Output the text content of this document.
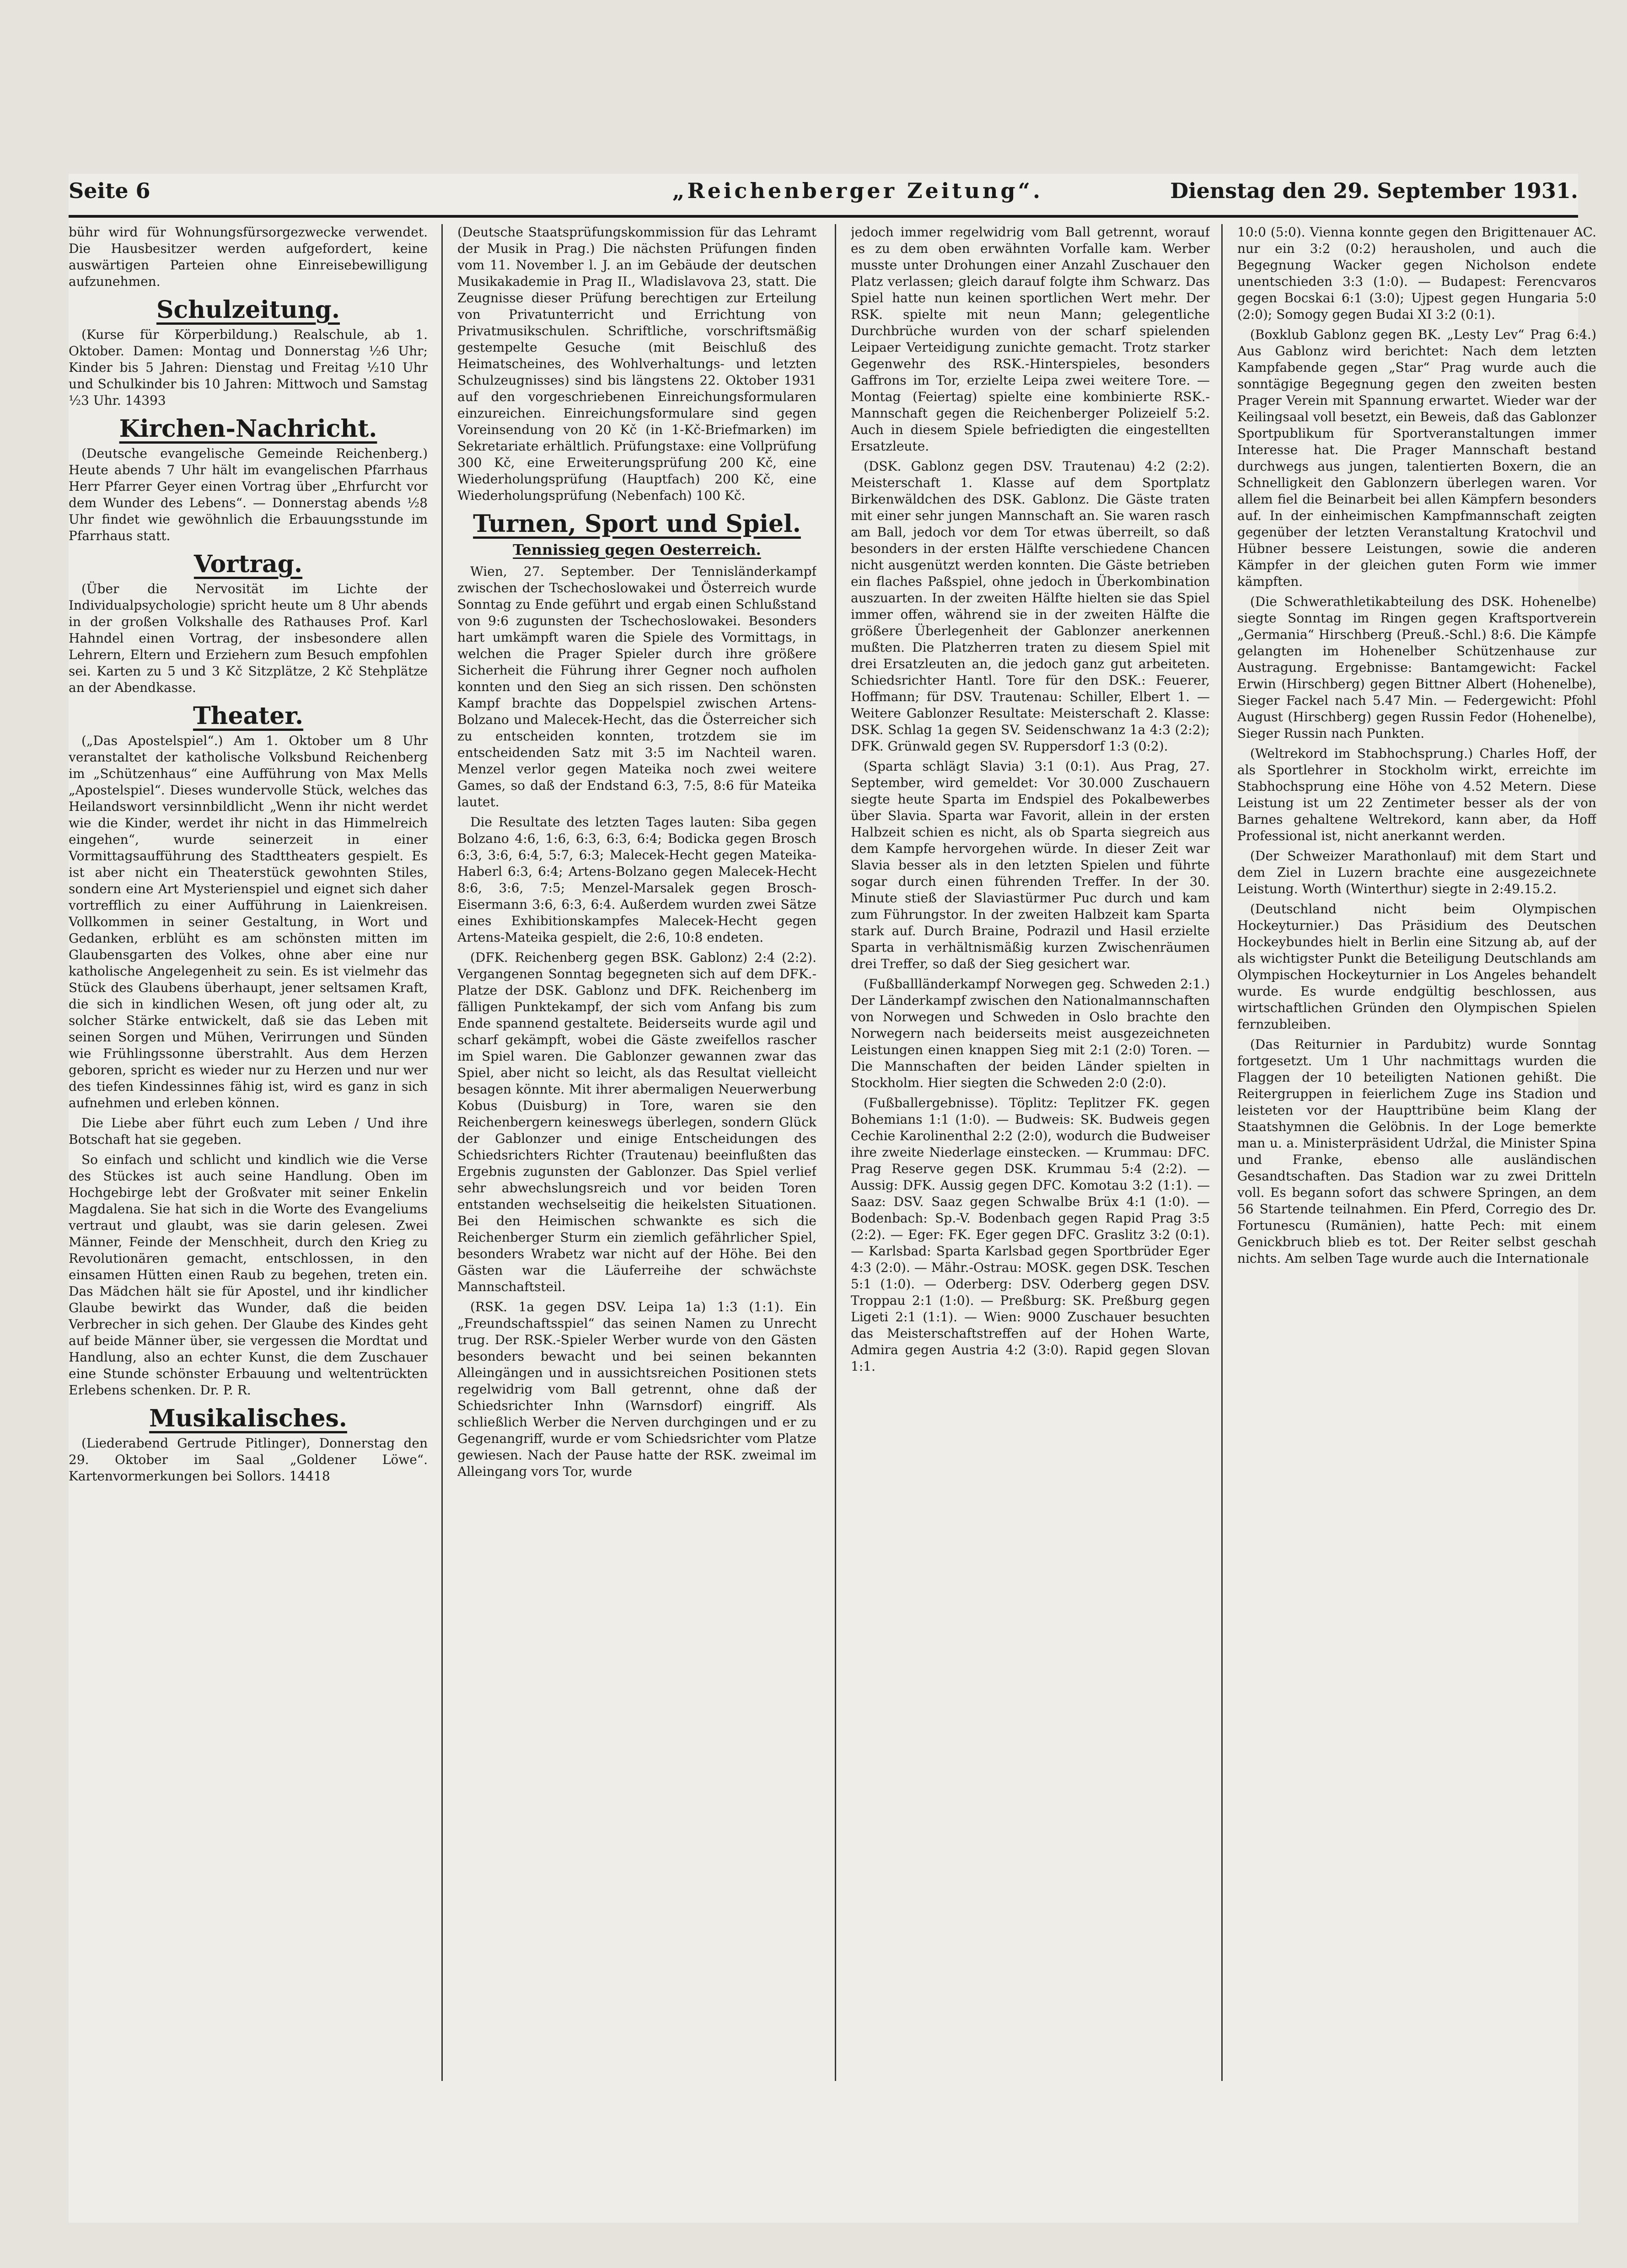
Seite 6	„Reichenberger Zeitung“.	Dienstag den 29. September 1931.

bühr wird für Wohnungsfürsorgezwecke verwendet. Die Hausbesitzer werden aufgefordert, keine auswärtigen Parteien ohne Einreisebewilligung aufzunehmen.

Schulzeitung.

(Kurse für Körperbildung.) Realschule, ab 1. Oktober. Damen: Montag und Donnerstag ½6 Uhr; Kinder bis 5 Jahren: Dienstag und Freitag ½10 Uhr und Schulkinder bis 10 Jahren: Mittwoch und Samstag ½3 Uhr. 14393

Kirchen-Nachricht.

(Deutsche evangelische Gemeinde Reichenberg.) Heute abends 7 Uhr hält im evangelischen Pfarrhaus Herr Pfarrer Geyer einen Vortrag über „Ehrfurcht vor dem Wunder des Lebens“. — Donnerstag abends ½8 Uhr findet wie gewöhnlich die Erbauungsstunde im Pfarrhaus statt.

Vortrag.

(Über die Nervosität im Lichte der Individualpsychologie) spricht heute um 8 Uhr abends in der großen Volkshalle des Rathauses Prof. Karl Hahndel einen Vortrag, der insbesondere allen Lehrern, Eltern und Erziehern zum Besuch empfohlen sei. Karten zu 5 und 3 Kč Sitzplätze, 2 Kč Stehplätze an der Abendkasse.

Theater.

(„Das Apostelspiel“.) Am 1. Oktober um 8 Uhr veranstaltet der katholische Volksbund Reichenberg im „Schützenhaus“ eine Aufführung von Max Mells „Apostelspiel“. Dieses wundervolle Stück, welches das Heilandswort versinnbildlicht „Wenn ihr nicht werdet wie die Kinder, werdet ihr nicht in das Himmelreich eingehen“, wurde seinerzeit in einer Vormittagsaufführung des Stadttheaters gespielt. Es ist aber nicht ein Theaterstück gewohnten Stiles, sondern eine Art Mysterienspiel und eignet sich daher vortrefflich zu einer Aufführung in Laienkreisen. Vollkommen in seiner Gestaltung, in Wort und Gedanken, erblüht es am schönsten mitten im Glaubensgarten des Volkes, ohne aber eine nur katholische Angelegenheit zu sein. Es ist vielmehr das Stück des Glaubens überhaupt, jener seltsamen Kraft, die sich in kindlichen Wesen, oft jung oder alt, zu solcher Stärke entwickelt, daß sie das Leben mit seinen Sorgen und Mühen, Verirrungen und Sünden wie Frühlingssonne überstrahlt. Aus dem Herzen geboren, spricht es wieder nur zu Herzen und nur wer des tiefen Kindessinnes fähig ist, wird es ganz in sich aufnehmen und erleben können.

Die Liebe aber führt euch zum Leben / Und ihre Botschaft hat sie gegeben.

So einfach und schlicht und kindlich wie die Verse des Stückes ist auch seine Handlung. Oben im Hochgebirge lebt der Großvater mit seiner Enkelin Magdalena. Sie hat sich in die Worte des Evangeliums vertraut und glaubt, was sie darin gelesen. Zwei Männer, Feinde der Menschheit, durch den Krieg zu Revolutionären gemacht, entschlossen, in den einsamen Hütten einen Raub zu begehen, treten ein. Das Mädchen hält sie für Apostel, und ihr kindlicher Glaube bewirkt das Wunder, daß die beiden Verbrecher in sich gehen. Der Glaube des Kindes geht auf beide Männer über, sie vergessen die Mordtat und Handlung, also an echter Kunst, die dem Zuschauer eine Stunde schönster Erbauung und weltentrückten Erlebens schenken. Dr. P. R.

Musikalisches.

(Liederabend Gertrude Pitlinger), Donnerstag den 29. Oktober im Saal „Goldener Löwe“. Kartenvormerkungen bei Sollors. 14418

(Deutsche Staatsprüfungskommission für das Lehramt der Musik in Prag.) Die nächsten Prüfungen finden vom 11. November l. J. an im Gebäude der deutschen Musikakademie in Prag II., Wladislavova 23, statt. Die Zeugnisse dieser Prüfung berechtigen zur Erteilung von Privatunterricht und Errichtung von Privatmusikschulen. Schriftliche, vorschriftsmäßig gestempelte Gesuche (mit Beischluß des Heimatscheines, des Wohlverhaltungs- und letzten Schulzeugnisses) sind bis längstens 22. Oktober 1931 auf den vorgeschriebenen Einreichungsformularen einzureichen. Einreichungsformulare sind gegen Voreinsendung von 20 Kč (in 1-Kč-Briefmarken) im Sekretariate erhältlich. Prüfungstaxe: eine Vollprüfung 300 Kč, eine Erweiterungsprüfung 200 Kč, eine Wiederholungsprüfung (Hauptfach) 200 Kč, eine Wiederholungsprüfung (Nebenfach) 100 Kč.

Turnen, Sport und Spiel.
Tennissieg gegen Oesterreich.

Wien, 27. September. Der Tennisländerkampf zwischen der Tschechoslowakei und Österreich wurde Sonntag zu Ende geführt und ergab einen Schlußstand von 9:6 zugunsten der Tschechoslowakei. Besonders hart umkämpft waren die Spiele des Vormittags, in welchen die Prager Spieler durch ihre größere Sicherheit die Führung ihrer Gegner noch aufholen konnten und den Sieg an sich rissen. Den schönsten Kampf brachte das Doppelspiel zwischen Artens-Bolzano und Malecek-Hecht, das die Österreicher sich zu entscheiden konnten, trotzdem sie im entscheidenden Satz mit 3:5 im Nachteil waren. Menzel verlor gegen Mateika noch zwei weitere Games, so daß der Endstand 6:3, 7:5, 8:6 für Mateika lautet.

Die Resultate des letzten Tages lauten: Siba gegen Bolzano 4:6, 1:6, 6:3, 6:3, 6:4; Bodicka gegen Brosch 6:3, 3:6, 6:4, 5:7, 6:3; Malecek-Hecht gegen Mateika-Haberl 6:3, 6:4; Artens-Bolzano gegen Malecek-Hecht 8:6, 3:6, 7:5; Menzel-Marsalek gegen Brosch-Eisermann 3:6, 6:3, 6:4. Außerdem wurden zwei Sätze eines Exhibitionskampfes Malecek-Hecht gegen Artens-Mateika gespielt, die 2:6, 10:8 endeten.

(DFK. Reichenberg gegen BSK. Gablonz) 2:4 (2:2). Vergangenen Sonntag begegneten sich auf dem DFK.-Platze der DSK. Gablonz und DFK. Reichenberg im fälligen Punktekampf, der sich vom Anfang bis zum Ende spannend gestaltete. Beiderseits wurde agil und scharf gekämpft, wobei die Gäste zweifellos rascher im Spiel waren. Die Gablonzer gewannen zwar das Spiel, aber nicht so leicht, als das Resultat vielleicht besagen könnte. Mit ihrer abermaligen Neuerwerbung Kobus (Duisburg) in Tore, waren sie den Reichenbergern keineswegs überlegen, sondern Glück der Gablonzer und einige Entscheidungen des Schiedsrichters Richter (Trautenau) beeinflußten das Ergebnis zugunsten der Gablonzer. Das Spiel verlief sehr abwechslungsreich und vor beiden Toren entstanden wechselseitig die heikelsten Situationen. Bei den Heimischen schwankte es sich die Reichenberger Sturm ein ziemlich gefährlicher Spiel, besonders Wrabetz war nicht auf der Höhe. Bei den Gästen war die Läuferreihe der schwächste Mannschaftsteil.

(RSK. 1a gegen DSV. Leipa 1a) 1:3 (1:1). Ein „Freundschaftsspiel“ das seinen Namen zu Unrecht trug. Der RSK.-Spieler Werber wurde von den Gästen besonders bewacht und bei seinen bekannten Alleingängen und in aussichtsreichen Positionen stets regelwidrig vom Ball getrennt, ohne daß der Schiedsrichter Inhn (Warnsdorf) eingriff. Als schließlich Werber die Nerven durchgingen und er zu Gegenangriff, wurde er vom Schiedsrichter vom Platze gewiesen. Nach der Pause hatte der RSK. zweimal im Alleingang vors Tor, wurde

jedoch immer regelwidrig vom Ball getrennt, worauf es zu dem oben erwähnten Vorfalle kam. Werber musste unter Drohungen einer Anzahl Zuschauer den Platz verlassen; gleich darauf folgte ihm Schwarz. Das Spiel hatte nun keinen sportlichen Wert mehr. Der RSK. spielte mit neun Mann; gelegentliche Durchbrüche wurden von der scharf spielenden Leipaer Verteidigung zunichte gemacht. Trotz starker Gegenwehr des RSK.-Hinterspieles, besonders Gaffrons im Tor, erzielte Leipa zwei weitere Tore. — Montag (Feiertag) spielte eine kombinierte RSK.-Mannschaft gegen die Reichenberger Polizeielf 5:2. Auch in diesem Spiele befriedigten die eingestellten Ersatzleute.

(DSK. Gablonz gegen DSV. Trautenau) 4:2 (2:2). Meisterschaft 1. Klasse auf dem Sportplatz Birkenwäldchen des DSK. Gablonz. Die Gäste traten mit einer sehr jungen Mannschaft an. Sie waren rasch am Ball, jedoch vor dem Tor etwas überreilt, so daß besonders in der ersten Hälfte verschiedene Chancen nicht ausgenützt werden konnten. Die Gäste betrieben ein flaches Paßspiel, ohne jedoch in Überkombination auszuarten. In der zweiten Hälfte hielten sie das Spiel immer offen, während sie in der zweiten Hälfte die größere Überlegenheit der Gablonzer anerkennen mußten. Die Platzherren traten zu diesem Spiel mit drei Ersatzleuten an, die jedoch ganz gut arbeiteten. Schiedsrichter Hantl. Tore für den DSK.: Feuerer, Hoffmann; für DSV. Trautenau: Schiller, Elbert 1. — Weitere Gablonzer Resultate: Meisterschaft 2. Klasse: DSK. Schlag 1a gegen SV. Seidenschwanz 1a 4:3 (2:2); DFK. Grünwald gegen SV. Ruppersdorf 1:3 (0:2).

(Sparta schlägt Slavia) 3:1 (0:1). Aus Prag, 27. September, wird gemeldet: Vor 30.000 Zuschauern siegte heute Sparta im Endspiel des Pokalbewerbes über Slavia. Sparta war Favorit, allein in der ersten Halbzeit schien es nicht, als ob Sparta siegreich aus dem Kampfe hervorgehen würde. In dieser Zeit war Slavia besser als in den letzten Spielen und führte sogar durch einen führenden Treffer. In der 30. Minute stieß der Slaviastürmer Puc durch und kam zum Führungstor. In der zweiten Halbzeit kam Sparta stark auf. Durch Braine, Podrazil und Hasil erzielte Sparta in verhältnismäßig kurzen Zwischenräumen drei Treffer, so daß der Sieg gesichert war.

(Fußballländerkampf Norwegen geg. Schweden 2:1.) Der Länderkampf zwischen den Nationalmannschaften von Norwegen und Schweden in Oslo brachte den Norwegern nach beiderseits meist ausgezeichneten Leistungen einen knappen Sieg mit 2:1 (2:0) Toren. — Die Mannschaften der beiden Länder spielten in Stockholm. Hier siegten die Schweden 2:0 (2:0).

(Fußballergebnisse). Töplitz: Teplitzer FK. gegen Bohemians 1:1 (1:0). — Budweis: SK. Budweis gegen Cechie Karolinenthal 2:2 (2:0), wodurch die Budweiser ihre zweite Niederlage einstecken. — Krummau: DFC. Prag Reserve gegen DSK. Krummau 5:4 (2:2). — Aussig: DFK. Aussig gegen DFC. Komotau 3:2 (1:1). — Saaz: DSV. Saaz gegen Schwalbe Brüx 4:1 (1:0). — Bodenbach: Sp.-V. Bodenbach gegen Rapid Prag 3:5 (2:2). — Eger: FK. Eger gegen DFC. Graslitz 3:2 (0:1). — Karlsbad: Sparta Karlsbad gegen Sportbrüder Eger 4:3 (2:0). — Mähr.-Ostrau: MOSK. gegen DSK. Teschen 5:1 (1:0). — Oderberg: DSV. Oderberg gegen DSV. Troppau 2:1 (1:0). — Preßburg: SK. Preßburg gegen Ligeti 2:1 (1:1). — Wien: 9000 Zuschauer besuchten das Meisterschaftstreffen auf der Hohen Warte, Admira gegen Austria 4:2 (3:0). Rapid gegen Slovan 1:1.

10:0 (5:0). Vienna konnte gegen den Brigittenauer AC. nur ein 3:2 (0:2) herausholen, und auch die Begegnung Wacker gegen Nicholson endete unentschieden 3:3 (1:0). — Budapest: Ferencvaros gegen Bocskai 6:1 (3:0); Ujpest gegen Hungaria 5:0 (2:0); Somogy gegen Budai XI 3:2 (0:1).

(Boxklub Gablonz gegen BK. „Lesty Lev“ Prag 6:4.) Aus Gablonz wird berichtet: Nach dem letzten Kampfabende gegen „Star“ Prag wurde auch die sonntägige Begegnung gegen den zweiten besten Prager Verein mit Spannung erwartet. Wieder war der Keilingsaal voll besetzt, ein Beweis, daß das Gablonzer Sportpublikum für Sportveranstaltungen immer Interesse hat. Die Prager Mannschaft bestand durchwegs aus jungen, talentierten Boxern, die an Schnelligkeit den Gablonzern überlegen waren. Vor allem fiel die Beinarbeit bei allen Kämpfern besonders auf. In der einheimischen Kampfmannschaft zeigten gegenüber der letzten Veranstaltung Kratochvil und Hübner bessere Leistungen, sowie die anderen Kämpfer in der gleichen guten Form wie immer kämpften.

(Die Schwerathletikabteilung des DSK. Hohenelbe) siegte Sonntag im Ringen gegen Kraftsportverein „Germania“ Hirschberg (Preuß.-Schl.) 8:6. Die Kämpfe gelangten im Hohenelber Schützenhause zur Austragung. Ergebnisse: Bantamgewicht: Fackel Erwin (Hirschberg) gegen Bittner Albert (Hohenelbe), Sieger Fackel nach 5.47 Min. — Federgewicht: Pfohl August (Hirschberg) gegen Russin Fedor (Hohenelbe), Sieger Russin nach Punkten.

(Weltrekord im Stabhochsprung.) Charles Hoff, der als Sportlehrer in Stockholm wirkt, erreichte im Stabhochsprung eine Höhe von 4.52 Metern. Diese Leistung ist um 22 Zentimeter besser als der von Barnes gehaltene Weltrekord, kann aber, da Hoff Professional ist, nicht anerkannt werden.

(Der Schweizer Marathonlauf) mit dem Start und dem Ziel in Luzern brachte eine ausgezeichnete Leistung. Worth (Winterthur) siegte in 2:49.15.2.

(Deutschland nicht beim Olympischen Hockeyturnier.) Das Präsidium des Deutschen Hockeybundes hielt in Berlin eine Sitzung ab, auf der als wichtigster Punkt die Beteiligung Deutschlands am Olympischen Hockeyturnier in Los Angeles behandelt wurde. Es wurde endgültig beschlossen, aus wirtschaftlichen Gründen den Olympischen Spielen fernzubleiben.

(Das Reiturnier in Pardubitz) wurde Sonntag fortgesetzt. Um 1 Uhr nachmittags wurden die Flaggen der 10 beteiligten Nationen gehißt. Die Reitergruppen in feierlichem Zuge ins Stadion und leisteten vor der Haupttribüne beim Klang der Staatshymnen die Gelöbnis. In der Loge bemerkte man u. a. Ministerpräsident Udržal, die Minister Spina und Franke, ebenso alle ausländischen Gesandtschaften. Das Stadion war zu zwei Dritteln voll. Es begann sofort das schwere Springen, an dem 56 Startende teilnahmen. Ein Pferd, Corregio des Dr. Fortunescu (Rumänien), hatte Pech: mit einem Genickbruch blieb es tot. Der Reiter selbst geschah nichts. Am selben Tage wurde auch die Internationale
